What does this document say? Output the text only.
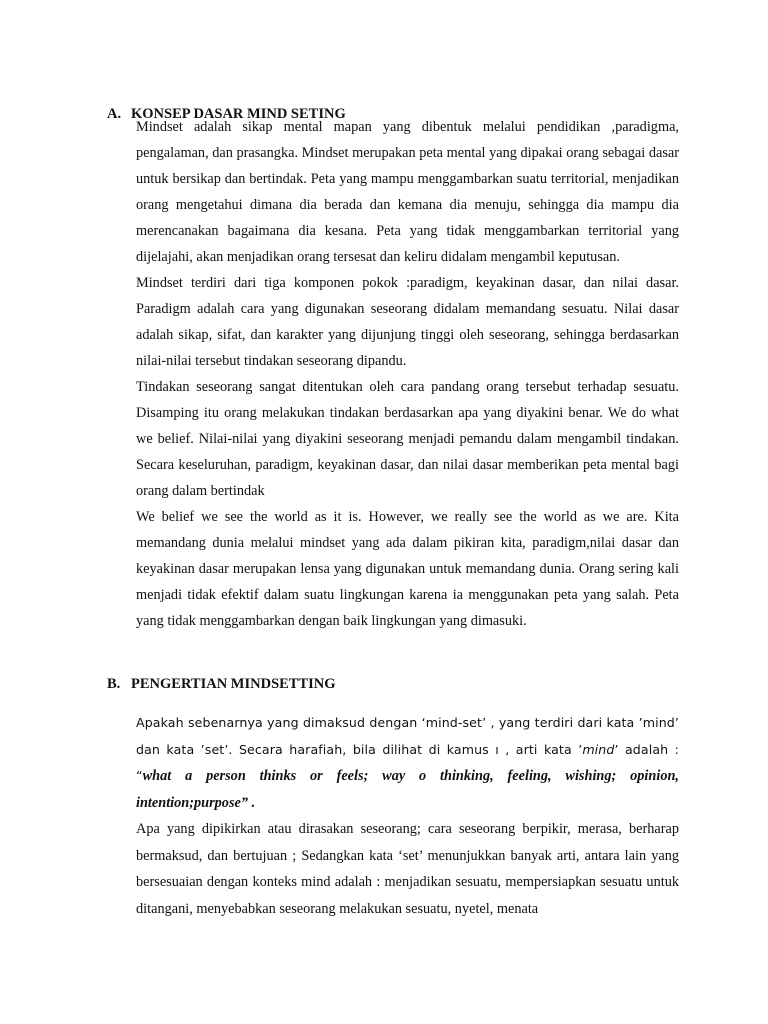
A. KONSEP DASAR MIND SETING

Mindset adalah sikap mental mapan yang dibentuk melalui pendidikan ,paradigma, pengalaman, dan prasangka. Mindset merupakan peta mental yang dipakai orang sebagai dasar untuk bersikap dan bertindak. Peta yang mampu menggambarkan suatu territorial, menjadikan orang mengetahui dimana dia berada dan kemana dia menuju, sehingga dia mampu dia merencanakan bagaimana dia kesana. Peta yang tidak menggambarkan territorial yang dijelajahi, akan menjadikan orang tersesat dan keliru didalam mengambil keputusan.

Mindset terdiri dari tiga komponen pokok :paradigm, keyakinan dasar, dan nilai dasar. Paradigm adalah cara yang digunakan seseorang didalam memandang sesuatu. Nilai dasar adalah sikap, sifat, dan karakter yang dijunjung tinggi oleh seseorang, sehingga berdasarkan nilai-nilai tersebut tindakan seseorang dipandu.

Tindakan seseorang sangat ditentukan oleh cara pandang orang tersebut terhadap sesuatu. Disamping itu orang melakukan tindakan berdasarkan apa yang diyakini benar. We do what we belief. Nilai-nilai yang diyakini seseorang menjadi pemandu dalam mengambil tindakan. Secara keseluruhan, paradigm, keyakinan dasar, dan nilai dasar memberikan peta mental bagi orang dalam bertindak

We belief we see the world as it is. However, we really see the world as we are. Kita memandang dunia melalui mindset yang ada dalam pikiran kita, paradigm,nilai dasar dan keyakinan dasar merupakan lensa yang digunakan untuk memandang dunia. Orang sering kali menjadi tidak efektif dalam suatu lingkungan karena ia menggunakan peta yang salah. Peta yang tidak menggambarkan dengan baik lingkungan yang dimasuki.

B. PENGERTIAN MINDSETTING

Apakah sebenarnya yang dimaksud dengan ‘mind-set’ , yang terdiri dari kata ’mind’ dan kata ’set’. Secara harafiah, bila dilihat di kamus ı , arti kata ’mind’ adalah : “what a person thinks or feels; way o thinking, feeling, wishing; opinion, intention;purpose” .

Apa yang dipikirkan atau dirasakan seseorang; cara seseorang berpikir, merasa, berharap bermaksud, dan bertujuan ; Sedangkan kata ‘set’ menunjukkan banyak arti, antara lain yang bersesuaian dengan konteks mind adalah : menjadikan sesuatu, mempersiapkan sesuatu untuk ditangani, menyebabkan seseorang melakukan sesuatu, nyetel, menata
